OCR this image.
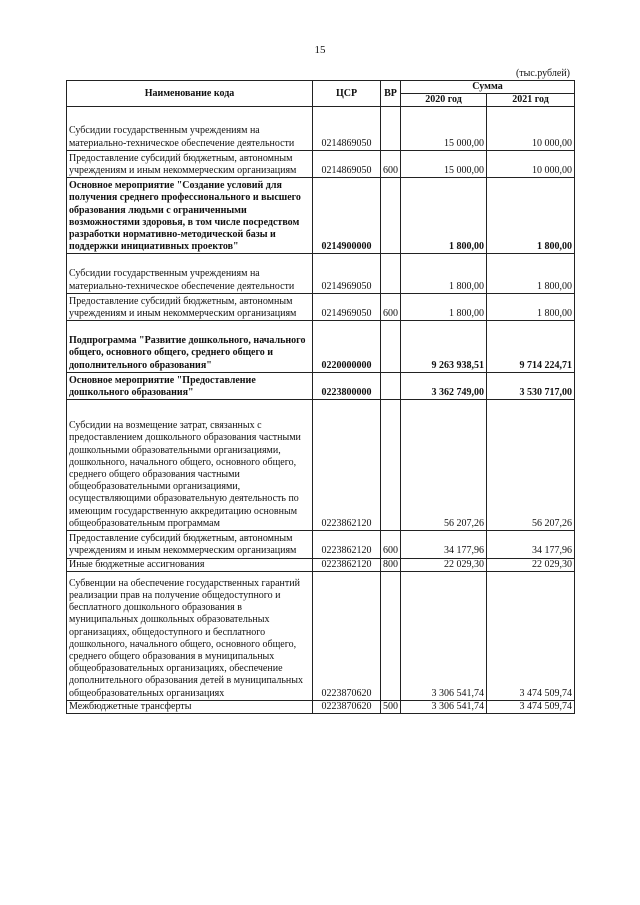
15
(тыс.рублей)
Наименование кода	ЦСР	ВР	Сумма	
			2020 год	2021 год
Субсидии государственным учреждениям на материально-техническое обеспечение деятельности	0214869050		15 000,00	10 000,00
Предоставление субсидий бюджетным, автономным учреждениям и иным некоммерческим организациям	0214869050	600	15 000,00	10 000,00
Основное мероприятие "Создание условий для получения среднего профессионального и высшего образования людьми с ограниченными возможностями здоровья, в том числе посредством разработки нормативно-методической базы и поддержки инициативных проектов"	0214900000		1 800,00	1 800,00
Субсидии государственным учреждениям на материально-техническое обеспечение деятельности	0214969050		1 800,00	1 800,00
Предоставление субсидий бюджетным, автономным учреждениям и иным некоммерческим организациям	0214969050	600	1 800,00	1 800,00
Подпрограмма "Развитие дошкольного, начального общего, основного общего, среднего общего и дополнительного образования"	0220000000		9 263 938,51	9 714 224,71
Основное мероприятие "Предоставление дошкольного образования"	0223800000		3 362 749,00	3 530 717,00
Субсидии на возмещение затрат, связанных с предоставлением дошкольного образования частными дошкольными образовательными организациями, дошкольного, начального общего, основного общего, среднего общего образования частными общеобразовательными организациями, осуществляющими образовательную деятельность по имеющим государственную аккредитацию основным общеобразовательным программам	0223862120		56 207,26	56 207,26
Предоставление субсидий бюджетным, автономным учреждениям и иным некоммерческим организациям	0223862120	600	34 177,96	34 177,96
Иные бюджетные ассигнования	0223862120	800	22 029,30	22 029,30
Субвенции на обеспечение государственных гарантий реализации прав на получение общедоступного и бесплатного дошкольного образования в муниципальных дошкольных образовательных организациях, общедоступного и бесплатного дошкольного, начального общего, основного общего, среднего общего образования в муниципальных общеобразовательных организациях, обеспечение дополнительного образования детей в муниципальных общеобразовательных организациях	0223870620		3 306 541,74	3 474 509,74
Межбюджетные трансферты	0223870620	500	3 306 541,74	3 474 509,74
